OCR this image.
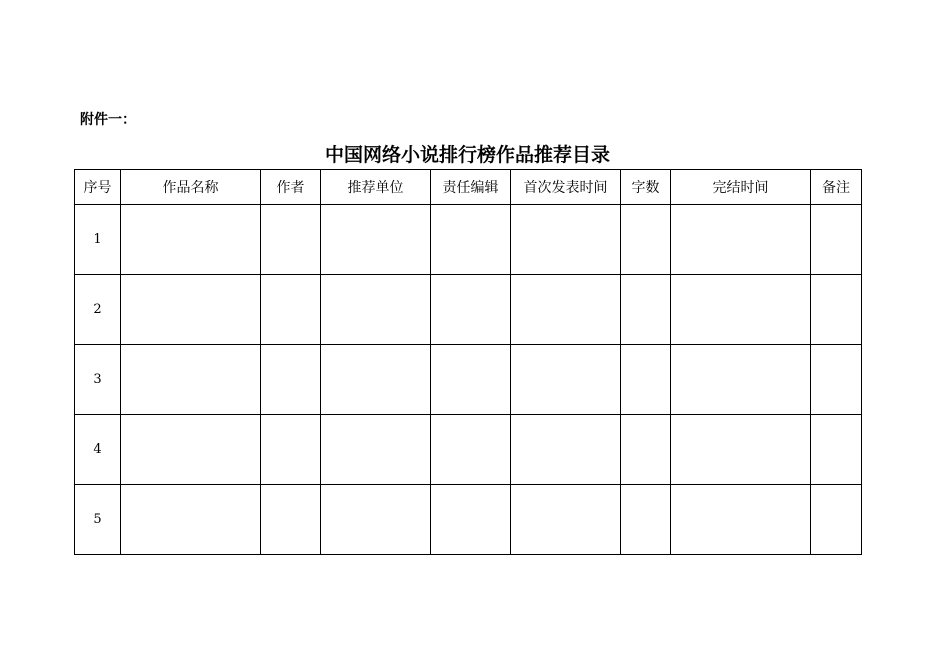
附件一：
中国网络小说排行榜作品推荐目录
序号	作品名称	作者	推荐单位	责任编辑	首次发表时间	字数	完结时间	备注
1								
2								
3								
4								
5								
